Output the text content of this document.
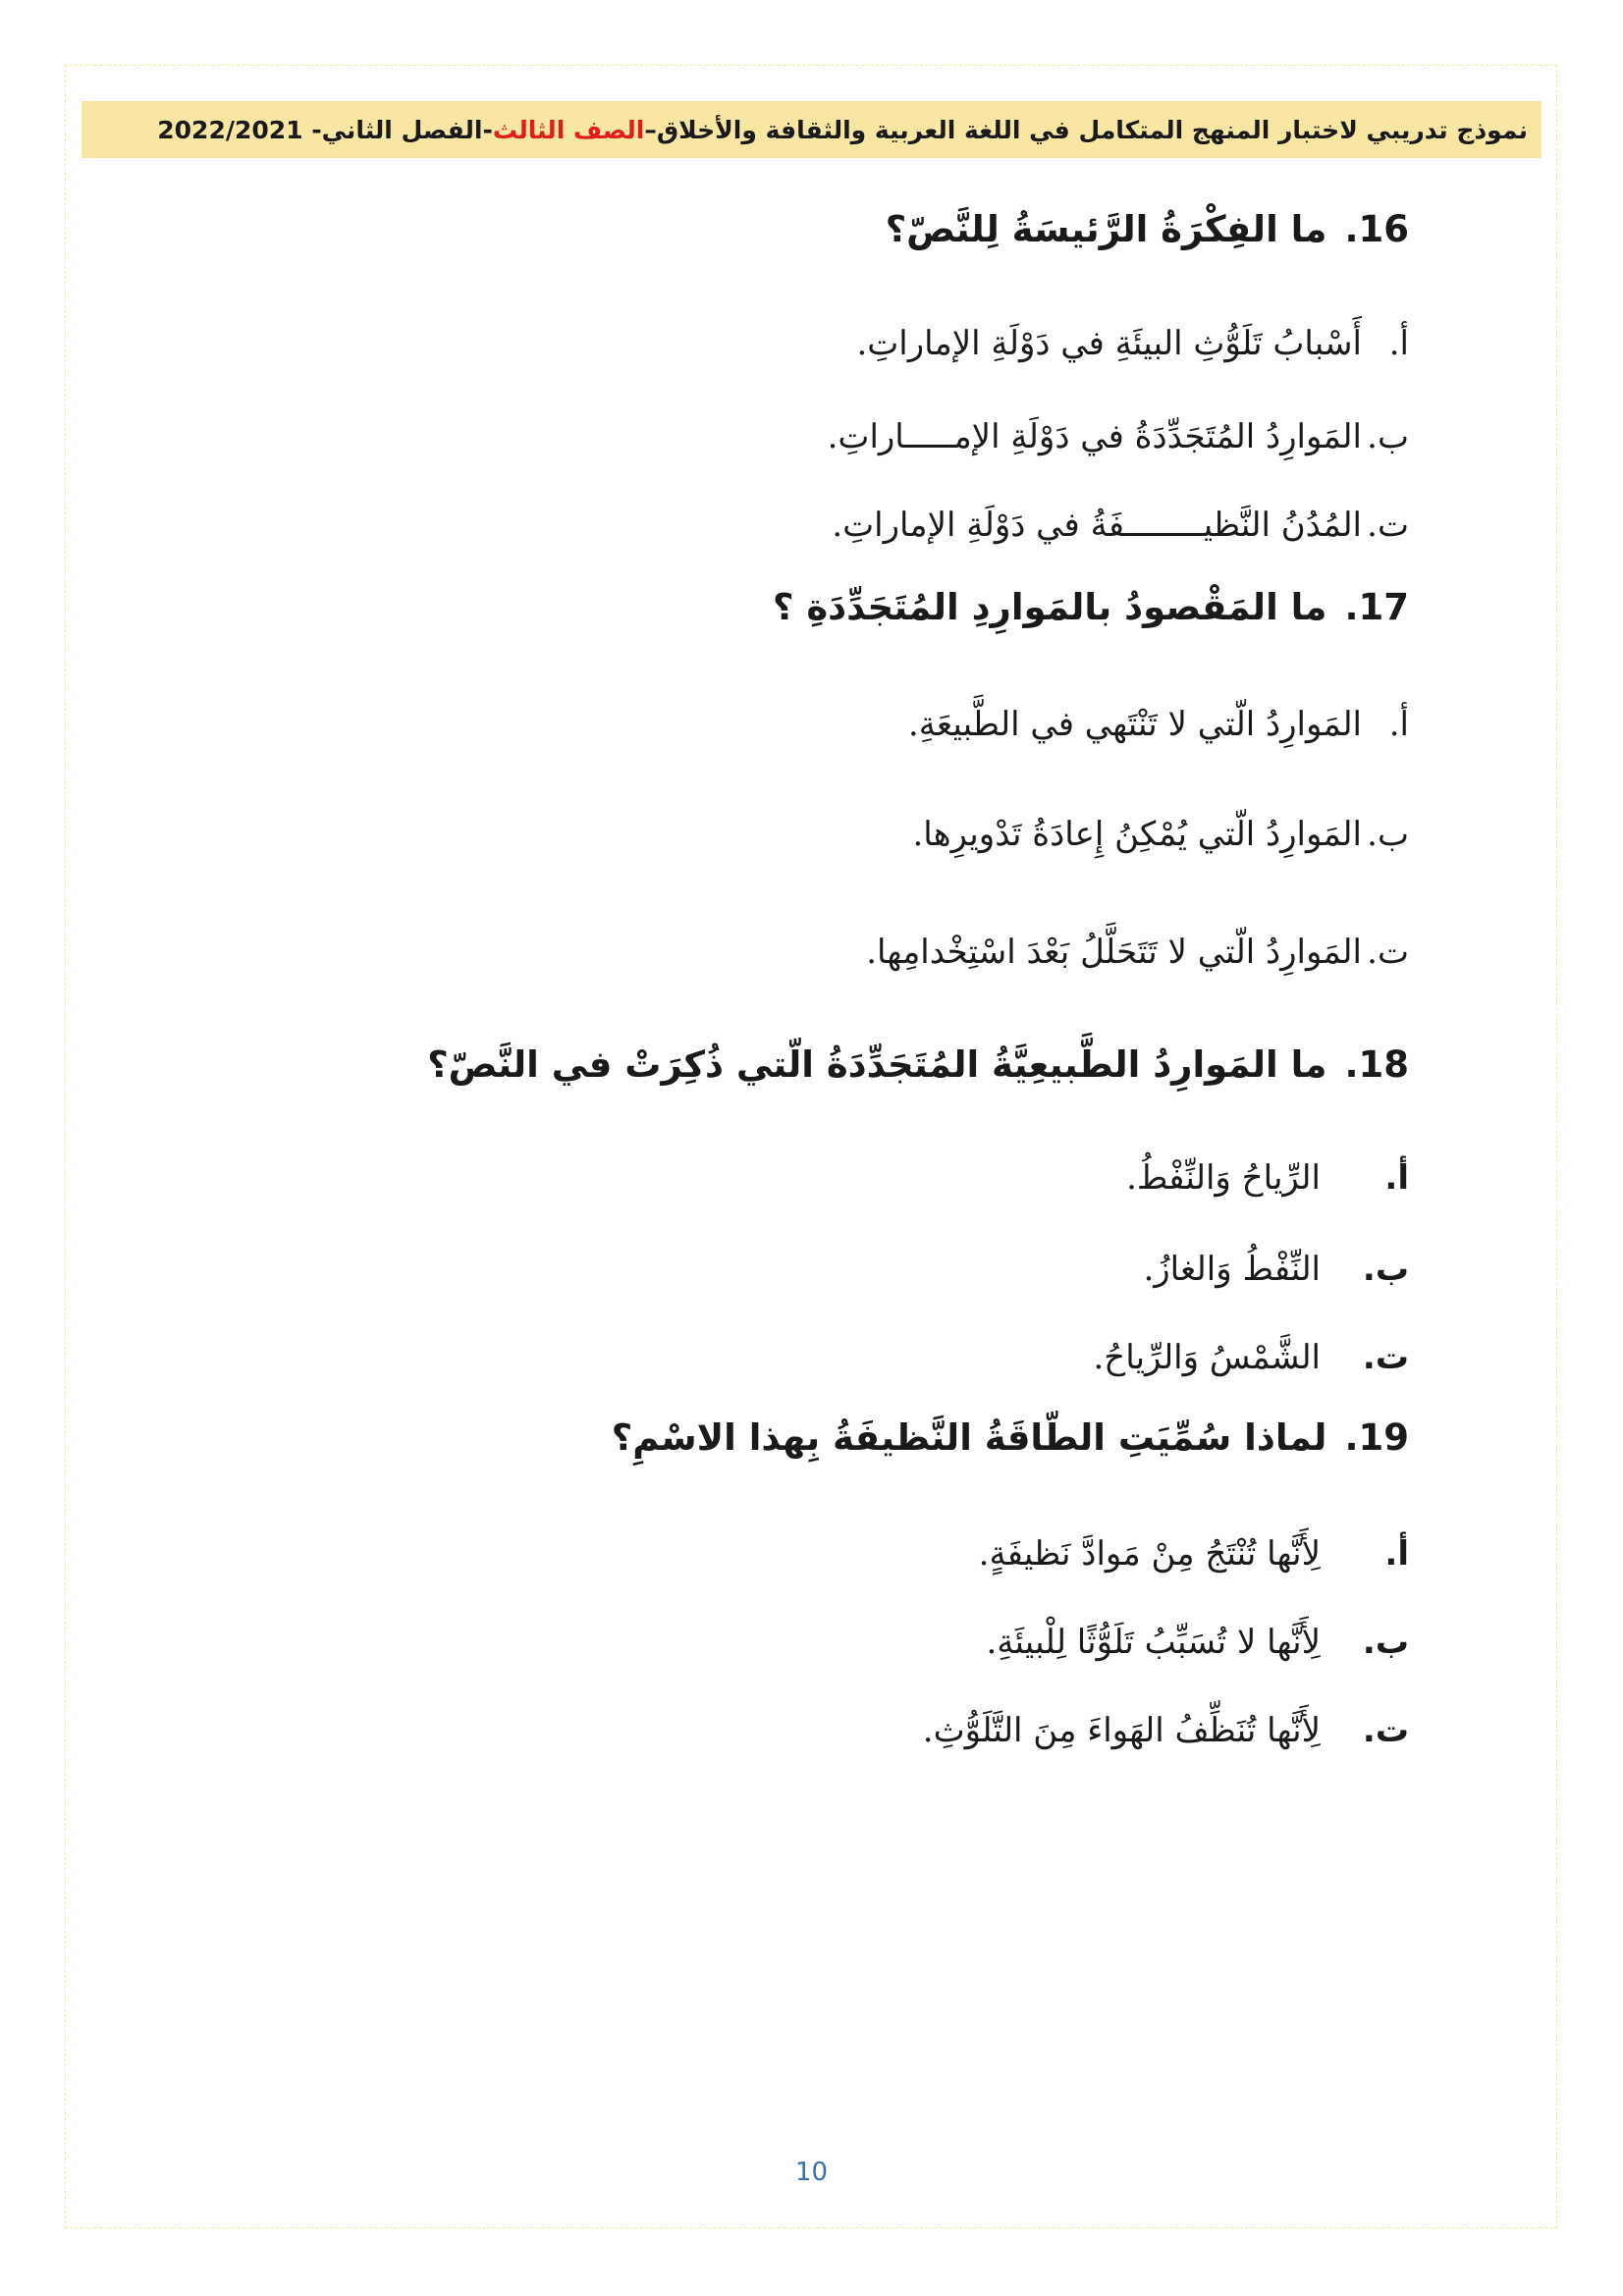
نموذج تدريبي لاختبار المنهج المتكامل في اللغة العربية والثقافة والأخلاق–
الصف الثالث
-الفصل الثاني- 2022/2021
16.ما الفِكْرَةُ الرَّئيسَةُ لِلنَّصّ؟
أ.أَسْبابُ تَلَوُّثِ البيئَةِ في دَوْلَةِ الإماراتِ.
ب.المَوارِدُ المُتَجَدِّدَةُ في دَوْلَةِ الإمـــــاراتِ.
ت.المُدُنُ النَّظيــــــــفَةُ في دَوْلَةِ الإماراتِ.
17.ما المَقْصودُ بالمَوارِدِ المُتَجَدِّدَةِ ؟
أ.المَوارِدُ الّتي لا تَنْتَهي في الطَّبيعَةِ.
ب.المَوارِدُ الّتي يُمْكِنُ إِعادَةُ تَدْويرِها.
ت.المَوارِدُ الّتي لا تَتَحَلَّلُ بَعْدَ اسْتِخْدامِها.
18.ما المَوارِدُ الطَّبيعِيَّةُ المُتَجَدِّدَةُ الّتي ذُكِرَتْ في النَّصّ؟
أ.الرِّياحُ وَالنِّفْطُ.
ب.النِّفْطُ وَالغازُ.
ت.الشَّمْسُ وَالرِّياحُ.
19.لماذا سُمِّيَتِ الطّاقَةُ النَّظيفَةُ بِهذا الاسْمِ؟
أ.لِأَنَّها تُنْتَجُ مِنْ مَوادَّ نَظيفَةٍ.
ب.لِأَنَّها لا تُسَبِّبُ تَلَوُّثًا لِلْبيئَةِ.
ت.لِأَنَّها تُنَظِّفُ الهَواءَ مِنَ التَّلَوُّثِ.
10
